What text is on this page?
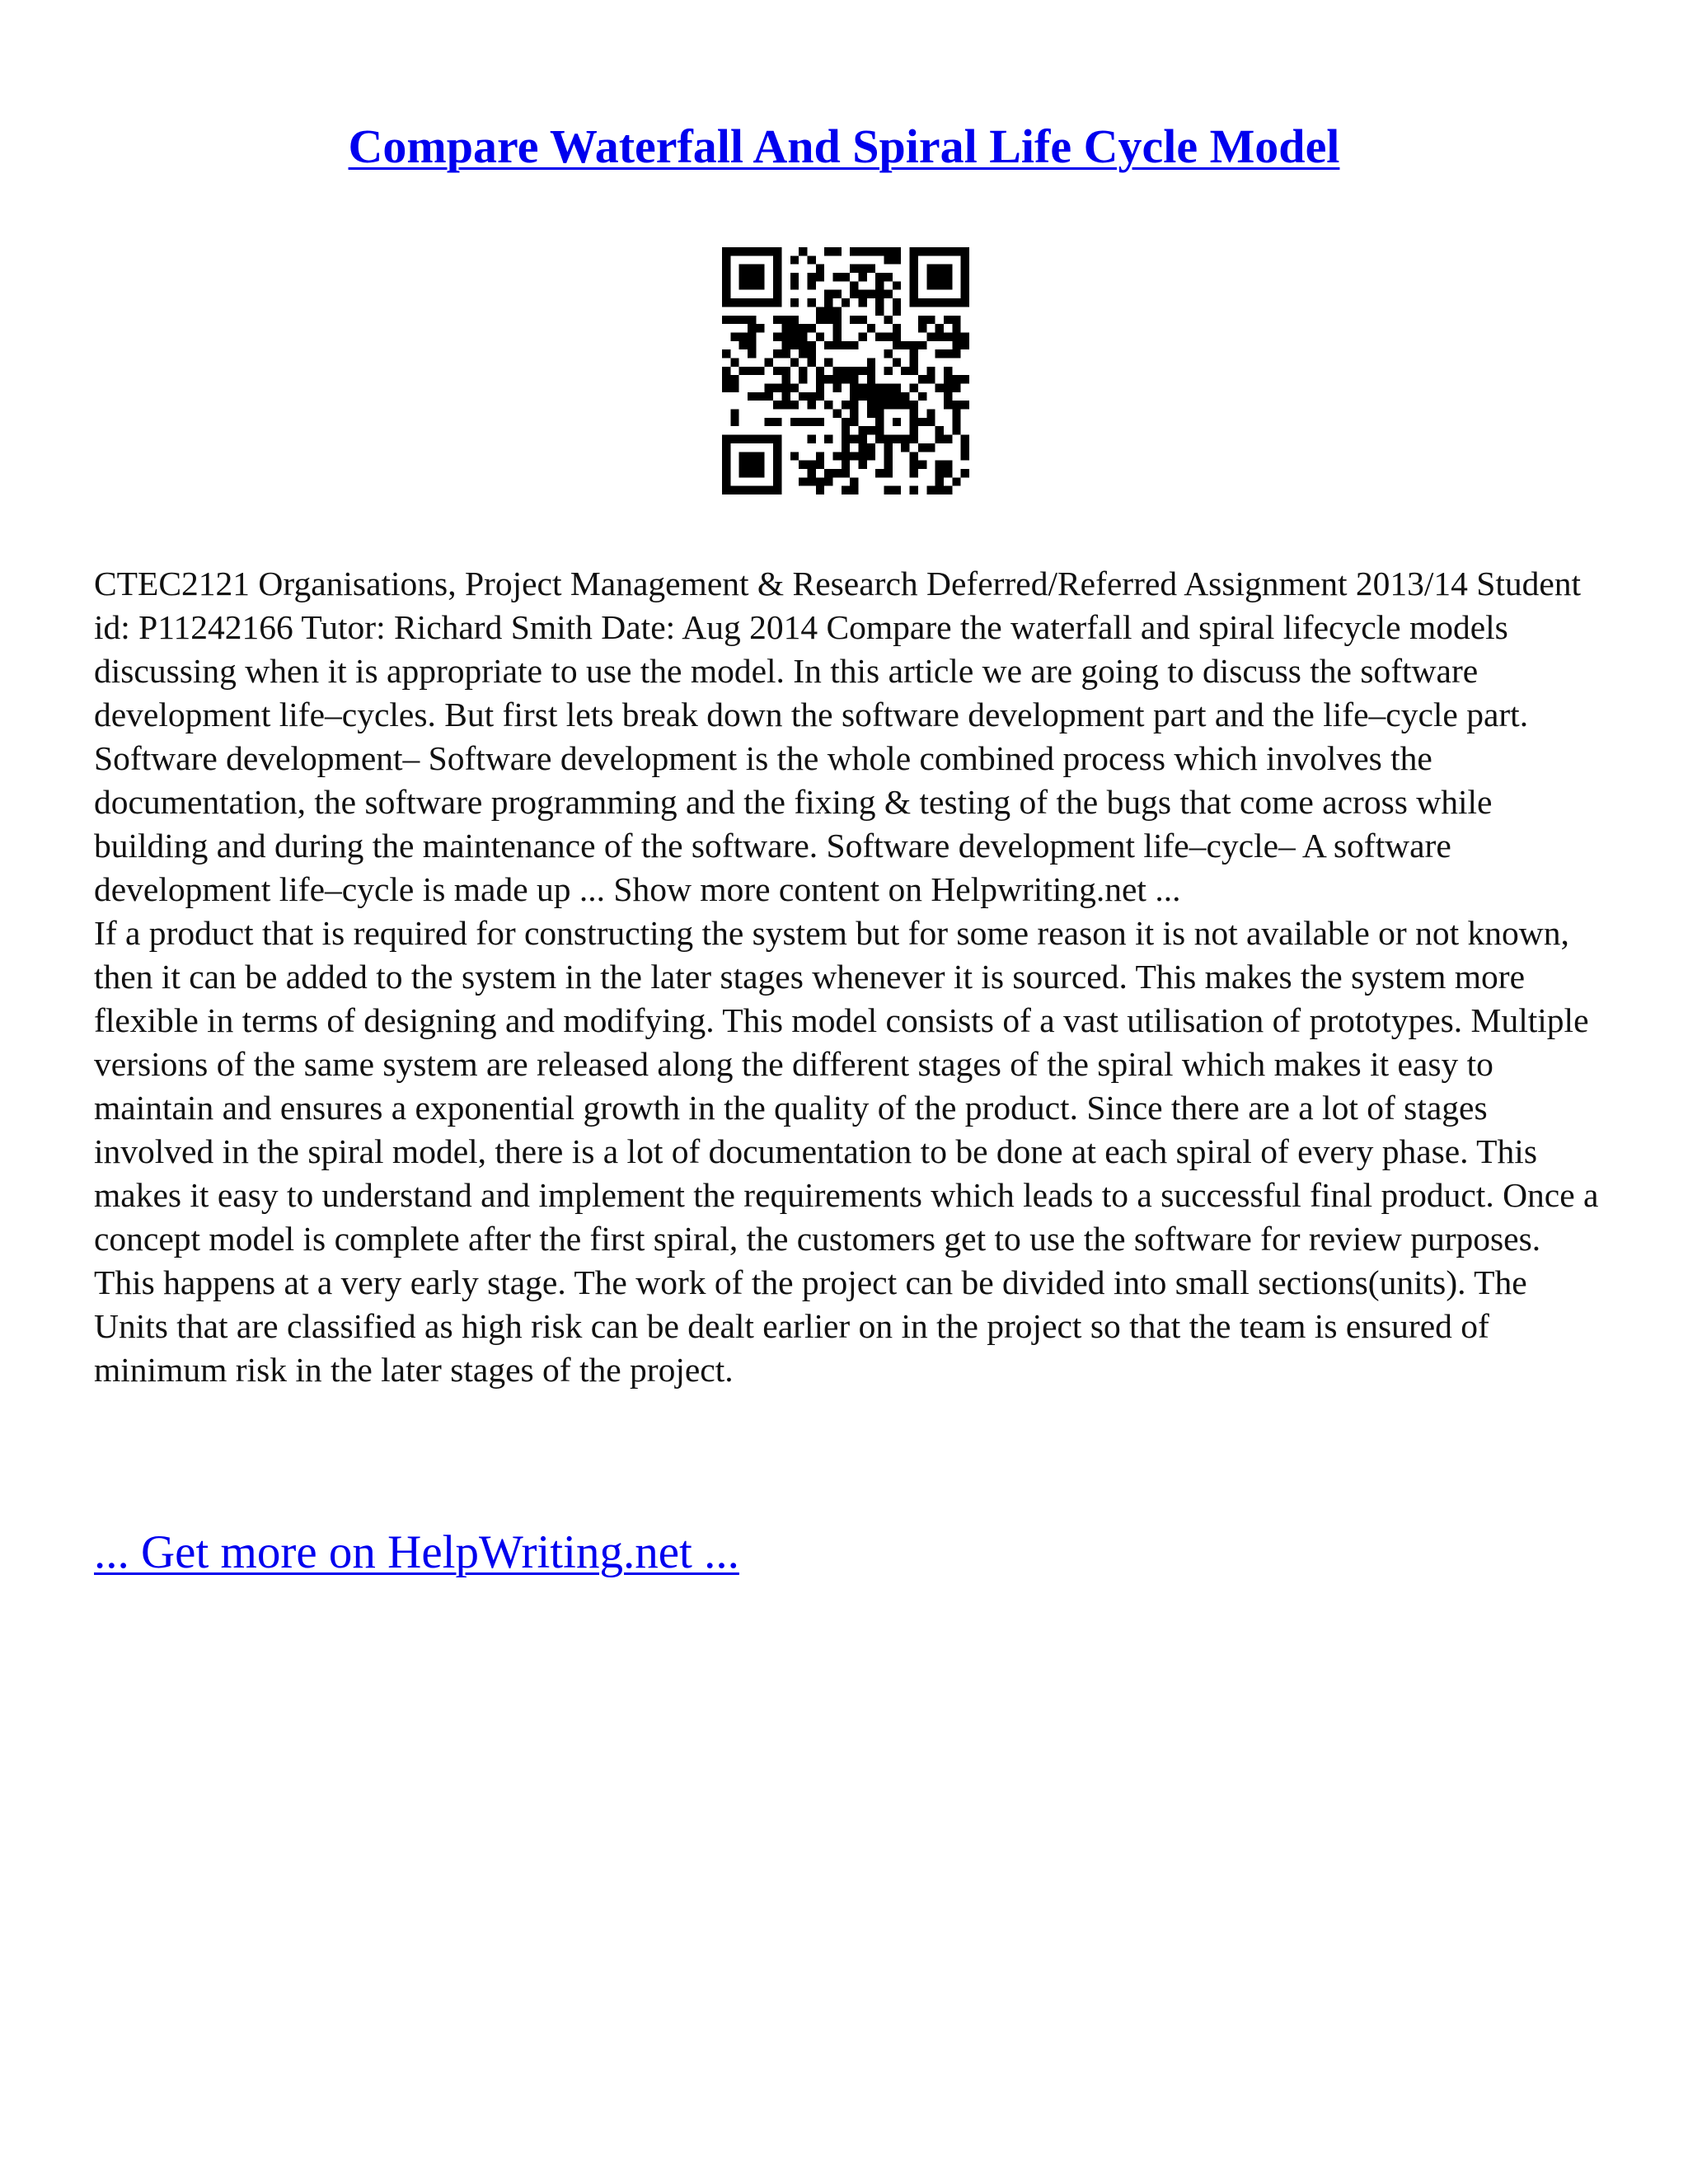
Compare Waterfall And Spiral Life Cycle Model

CTEC2121 Organisations, Project Management & Research Deferred/Referred Assignment 2013/14 Student id: P11242166 Tutor: Richard Smith Date: Aug 2014 Compare the waterfall and spiral lifecycle models discussing when it is appropriate to use the model. In this article we are going to discuss the software development life–cycles. But first lets break down the software development part and the life–cycle part. Software development– Software development is the whole combined process which involves the documentation, the software programming and the fixing & testing of the bugs that come across while building and during the maintenance of the software. Software development life–cycle– A software development life–cycle is made up ... Show more content on Helpwriting.net ...

If a product that is required for constructing the system but for some reason it is not available or not known, then it can be added to the system in the later stages whenever it is sourced. This makes the system more flexible in terms of designing and modifying. This model consists of a vast utilisation of prototypes. Multiple versions of the same system are released along the different stages of the spiral which makes it easy to maintain and ensures a exponential growth in the quality of the product. Since there are a lot of stages involved in the spiral model, there is a lot of documentation to be done at each spiral of every phase. This makes it easy to understand and implement the requirements which leads to a successful final product. Once a concept model is complete after the first spiral, the customers get to use the software for review purposes. This happens at a very early stage. The work of the project can be divided into small sections(units). The Units that are classified as high risk can be dealt earlier on in the project so that the team is ensured of minimum risk in the later stages of the project.

... Get more on HelpWriting.net ...
